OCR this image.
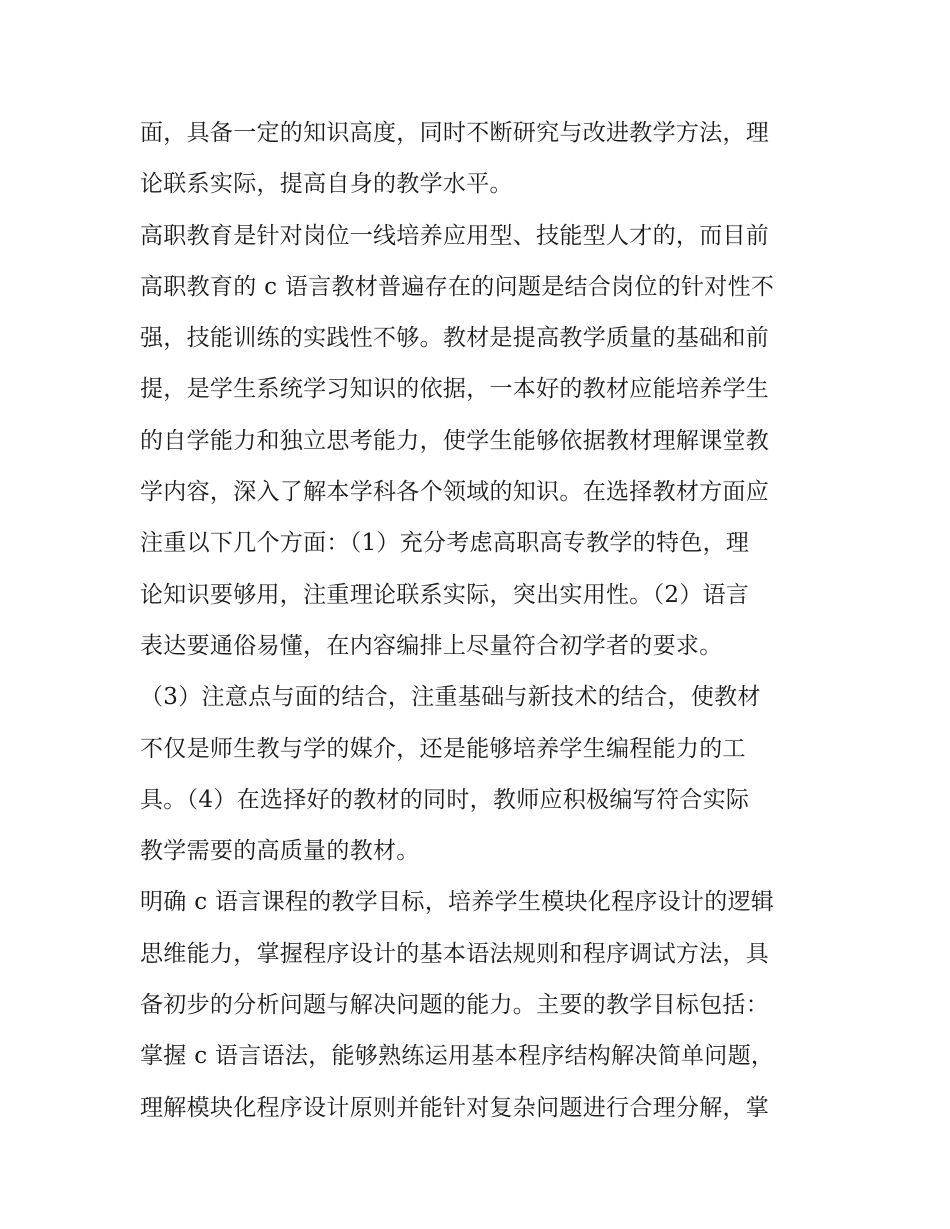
面，具备一定的知识高度，同时不断研究与改进教学方法，理
论联系实际，提高自身的教学水平。
高职教育是针对岗位一线培养应用型、技能型人才的，而目前
高职教育的 c 语言教材普遍存在的问题是结合岗位的针对性不
强，技能训练的实践性不够。教材是提高教学质量的基础和前
提，是学生系统学习知识的依据，一本好的教材应能培养学生
的自学能力和独立思考能力，使学生能够依据教材理解课堂教
学内容，深入了解本学科各个领域的知识。在选择教材方面应
注重以下几个方面：（1）充分考虑高职高专教学的特色，理
论知识要够用，注重理论联系实际，突出实用性。（2）语言
表达要通俗易懂，在内容编排上尽量符合初学者的要求。
（3）注意点与面的结合，注重基础与新技术的结合，使教材
不仅是师生教与学的媒介，还是能够培养学生编程能力的工
具。（4）在选择好的教材的同时，教师应积极编写符合实际
教学需要的高质量的教材。
明确 c 语言课程的教学目标，培养学生模块化程序设计的逻辑
思维能力，掌握程序设计的基本语法规则和程序调试方法，具
备初步的分析问题与解决问题的能力。主要的教学目标包括：
掌握 c 语言语法，能够熟练运用基本程序结构解决简单问题，
理解模块化程序设计原则并能针对复杂问题进行合理分解，掌
